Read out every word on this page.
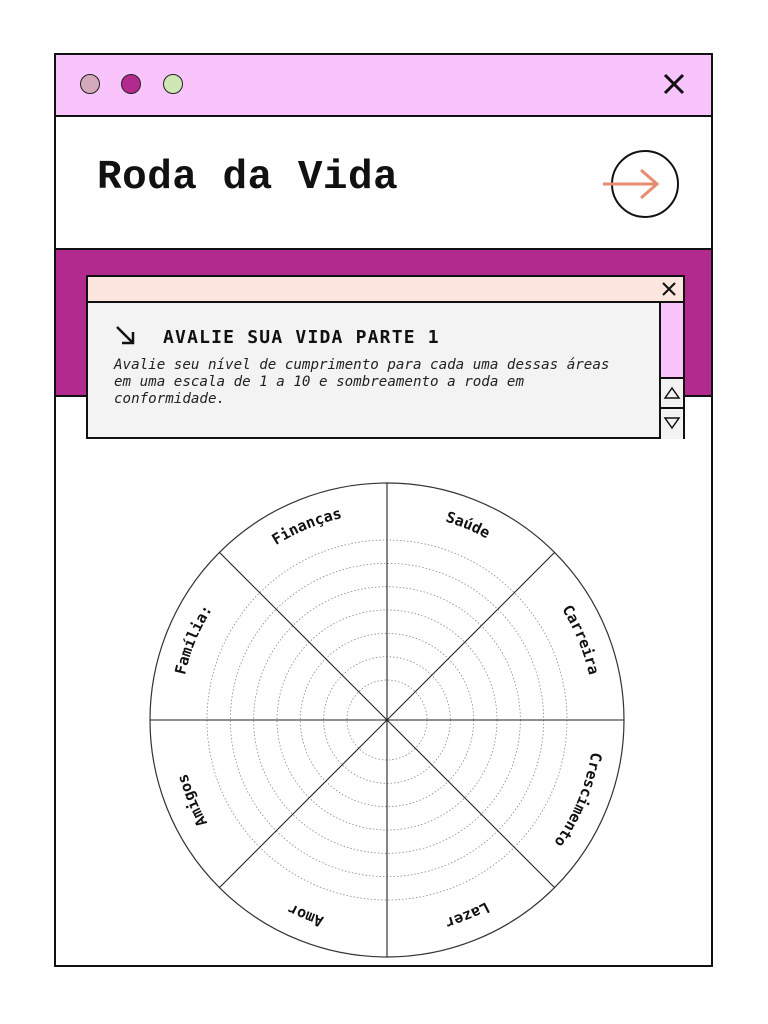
Roda da Vida
AVALIE SUA VIDA PARTE 1

Avalie seu nível de cumprimento para cada uma dessas áreas em uma escala de 1 a 10 e sombreamento a roda em conformidade.

Saúde
Carreira
Crescimento
Lazer
Amor
Amigos
Família:
Finanças
